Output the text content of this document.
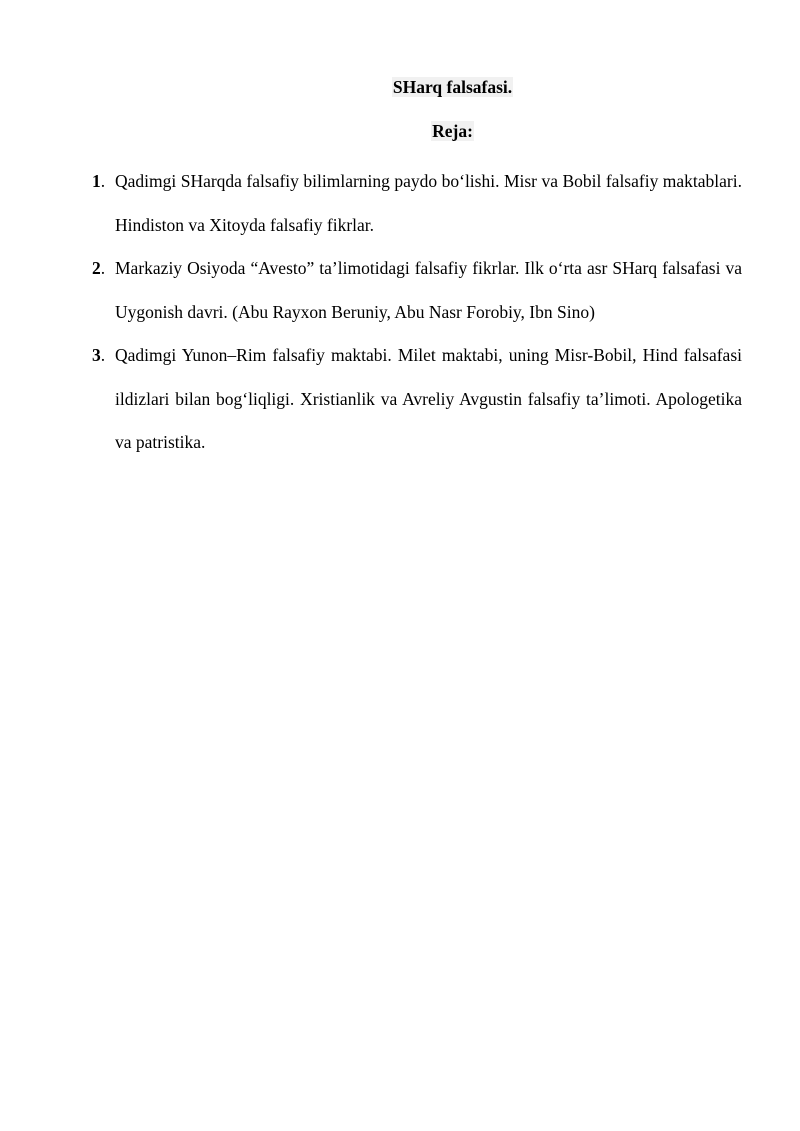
SHarq falsafasi.
Reja:
1. Qadimgi SHarqda falsafiy bilimlarning paydo bo‘lishi. Misr va Bobil falsafiy maktablari. Hindiston va Xitoyda falsafiy fikrlar.
2. Markaziy Osiyoda “Avesto” ta’limotidagi falsafiy fikrlar. Ilk o‘rta asr SHarq falsafasi va Uygonish davri. (Abu Rayxon Beruniy, Abu Nasr Forobiy, Ibn Sino)
3. Qadimgi Yunon–Rim falsafiy maktabi. Milet maktabi, uning Misr-Bobil, Hind falsafasi ildizlari bilan bog‘liqligi. Xristianlik va Avreliy Avgustin falsafiy ta’limoti. Apologetika va patristika.
